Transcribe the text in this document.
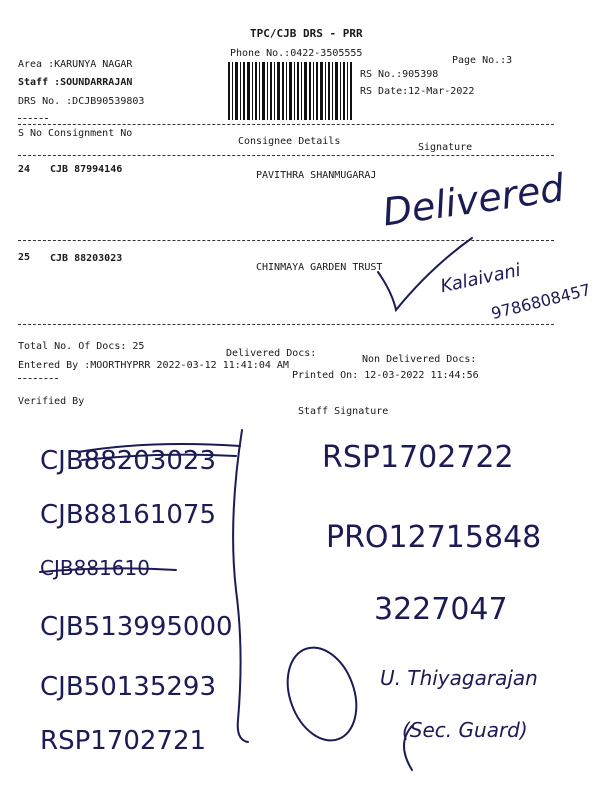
TPC/CJB DRS - PRR
Phone No.:0422-3505555
Page No.:3
Area :KARUNYA NAGAR
Staff :SOUNDARRAJAN
DRS No. :DCJB90539803
RS No.:905398
RS Date:12-Mar-2022
S No Consignment No
Consignee Details
Signature
24 CJB 87994146
PAVITHRA SHANMUGARAJ
25 CJB 88203023
CHINMAYA GARDEN TRUST
Total No. Of Docs: 25
Delivered Docs:
Non Delivered Docs:
Entered By :MOORTHYPRR 2022-03-12 11:41:04 AM
Printed On: 12-03-2022 11:44:56
Verified By
Staff Signature
Delivered
Kalaivani
9786808457
CJB88203023
CJB88161075
CJB881610
CJB513995000
CJB50135293
RSP1702721
RSP1702722
PRO12715848
3227047
U. Thiyagarajan
(Sec. Guard)
